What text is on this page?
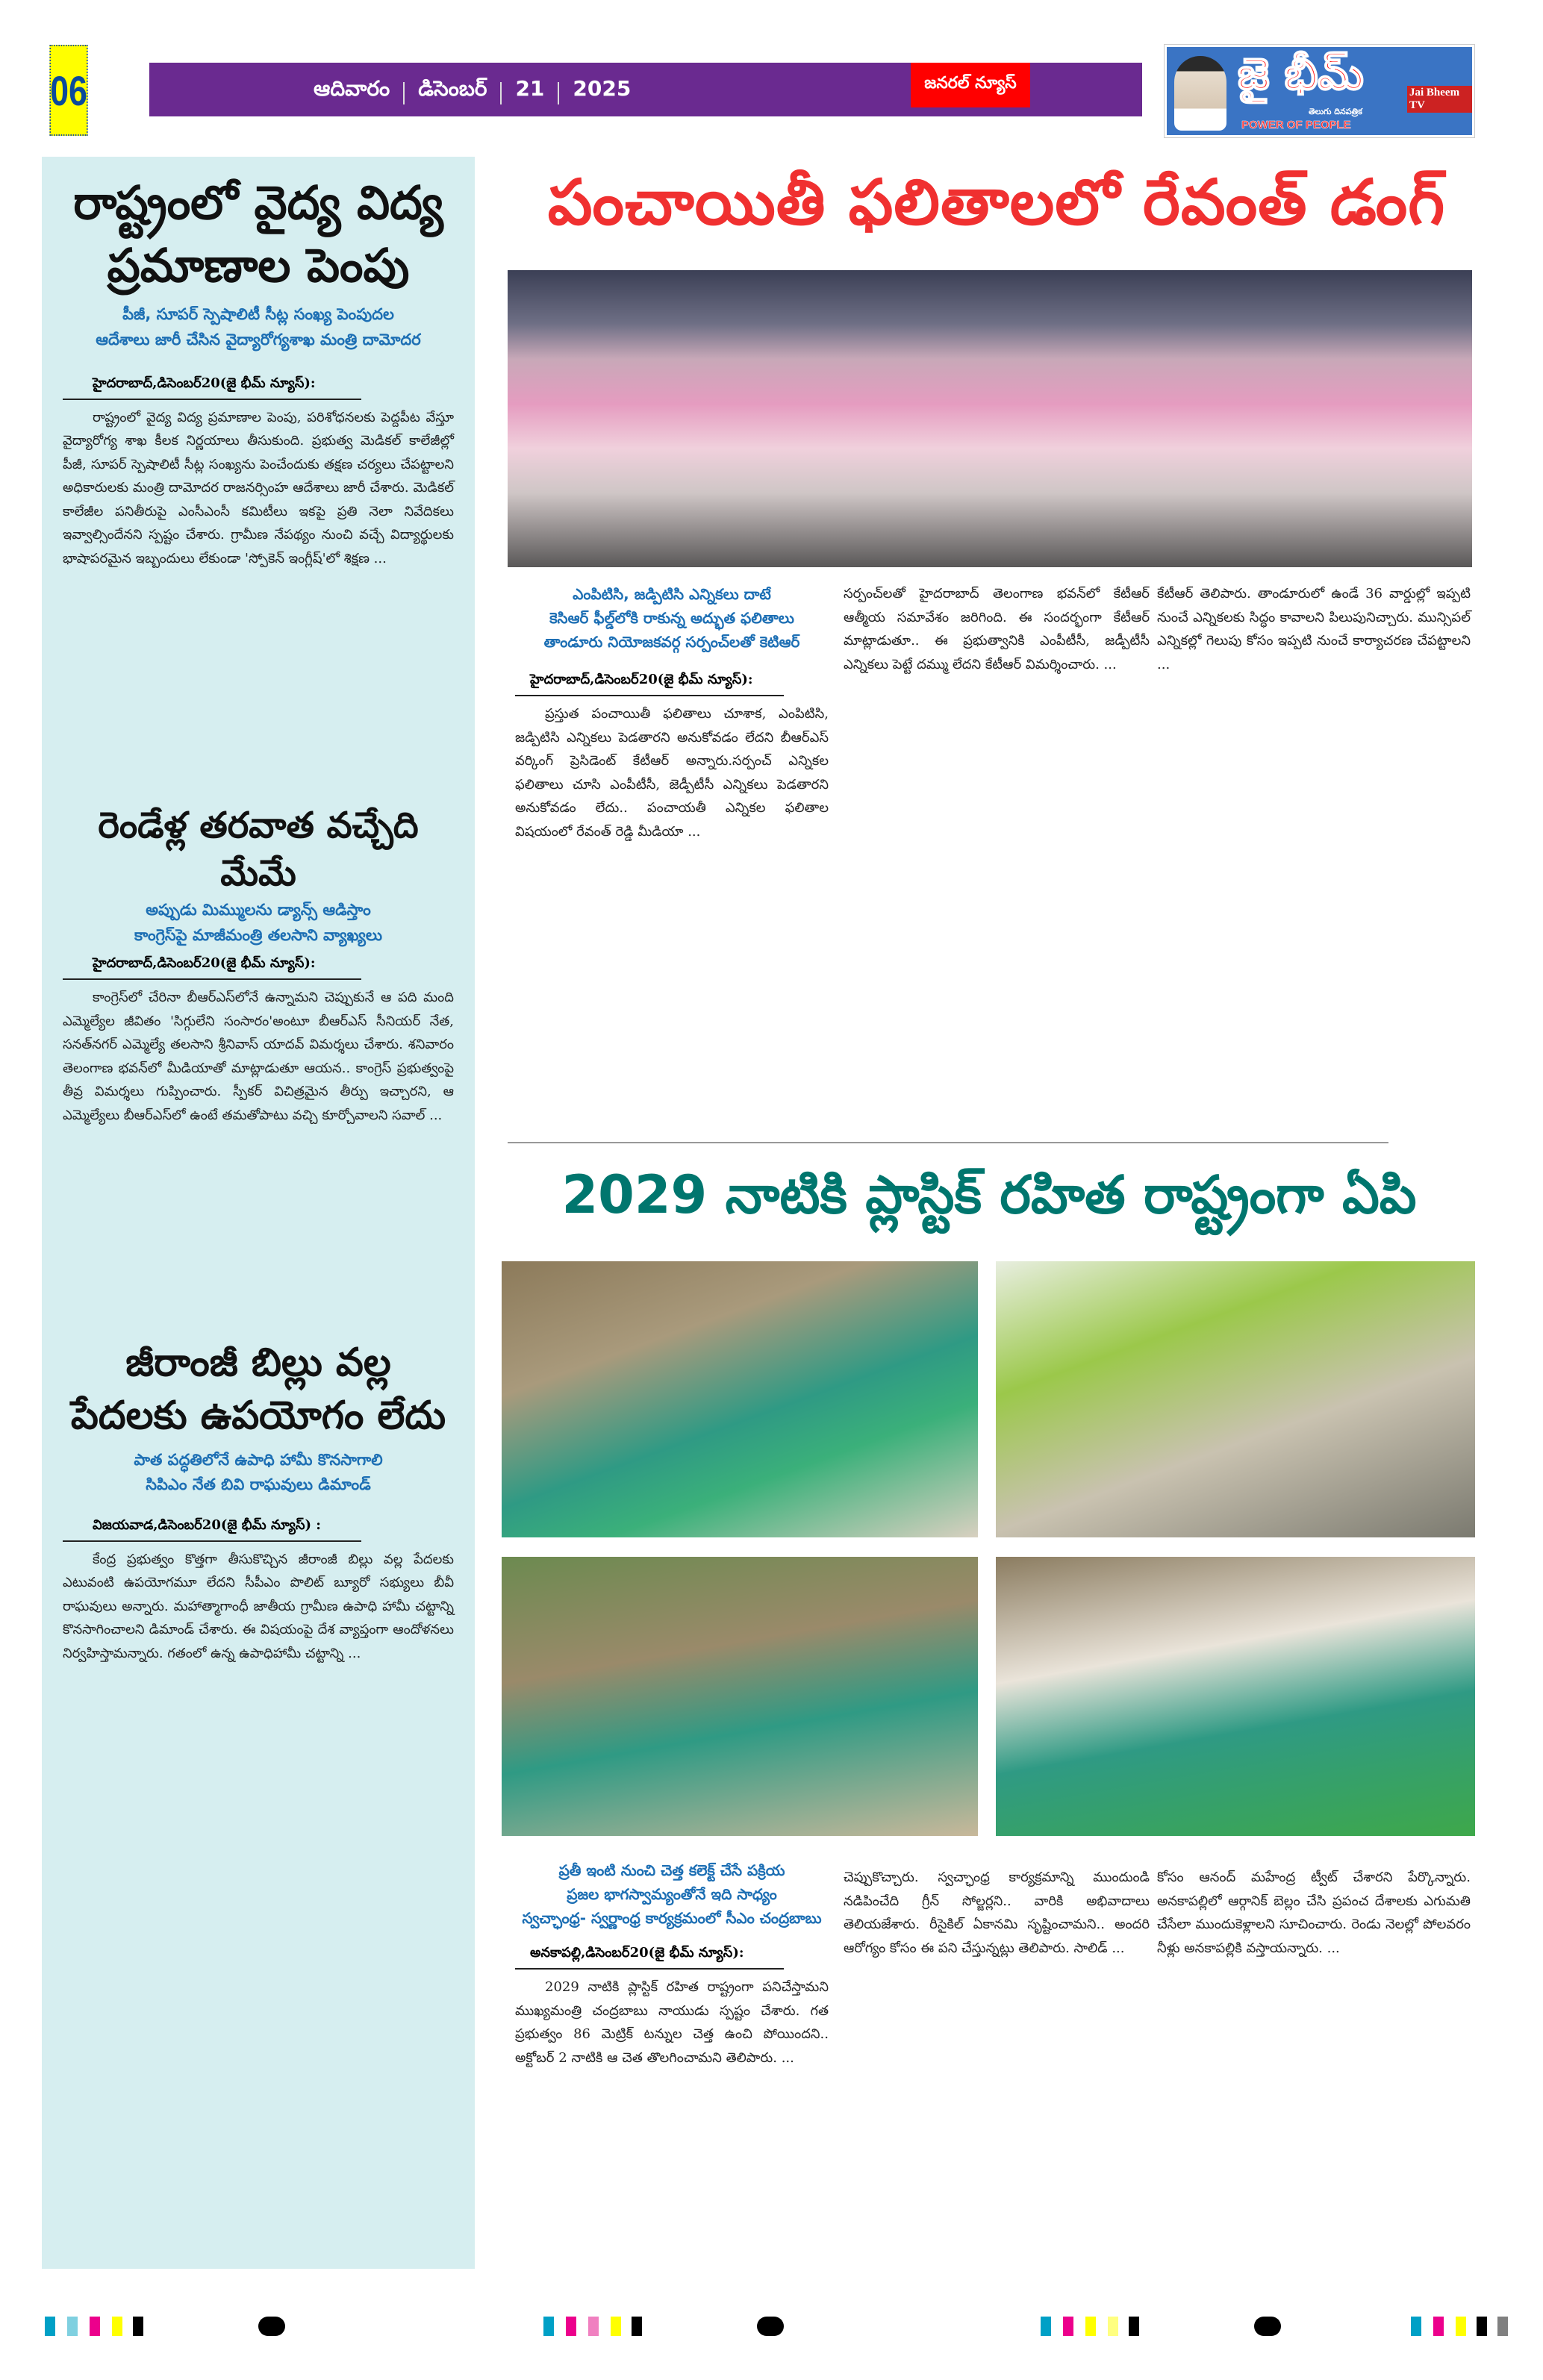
06	ఆదివారం డిసెంబర్ 21 2025	జనరల్ న్యూస్	జై భీమ్
తెలుగు దినపత్రిక
POWER OF PEOPLE
Jai Bheem TV
రాష్ట్రంలో వైద్య విద్య ప్రమాణాల పెంపు
పీజీ, సూపర్ స్పెషాలిటీ సీట్ల సంఖ్య పెంపుదల
ఆదేశాలు జారీ చేసిన వైద్యారోగ్యశాఖ మంత్రి దామోదర
హైదరాబాద్,డిసెంబర్20(జై భీమ్ న్యూస్):
రాష్ట్రంలో వైద్య విద్య ప్రమాణాల పెంపు, పరిశోధనలకు పెద్దపీట వేస్తూ వైద్యారోగ్య శాఖ కీలక నిర్ణయాలు తీసుకుంది. ప్రభుత్వ మెడికల్ కాలేజీల్లో పీజీ, సూపర్ స్పెషాలిటీ సీట్ల సంఖ్యను పెంచేందుకు తక్షణ చర్యలు చేపట్టాలని అధికారులకు మంత్రి దామోదర రాజనర్సింహ ఆదేశాలు జారీ చేశారు. మెడికల్ కాలేజీల పనితీరుపై ఎంసీఎంసీ కమిటీలు ఇకపై ప్రతి నెలా నివేదికలు ఇవ్వాల్సిందేనని స్పష్టం చేశారు. గ్రామీణ నేపథ్యం నుంచి వచ్చే విద్యార్థులకు భాషాపరమైన ఇబ్బందులు లేకుండా 'స్పోకెన్ ఇంగ్లీష్'లో శిక్షణ ...
రెండేళ్ల తరవాత వచ్చేది మేమే
అప్పుడు మిమ్ములను డ్యాన్స్ ఆడిస్తాం
కాంగ్రెస్‌పై మాజీమంత్రి తలసాని వ్యాఖ్యలు
హైదరాబాద్,డిసెంబర్20(జై భీమ్ న్యూస్):
కాంగ్రెస్‌లో చేరినా బీఆర్ఎస్‌లోనే ఉన్నామని చెప్పుకునే ఆ పది మంది ఎమ్మెల్యేల జీవితం 'సిగ్గులేని సంసారం'అంటూ బీఆర్ఎస్ సీనియర్ నేత, సనత్‌నగర్ ఎమ్మెల్యే తలసాని శ్రీనివాస్ యాదవ్ విమర్శలు చేశారు. శనివారం తెలంగాణ భవన్‌లో మీడియాతో మాట్లాడుతూ ఆయన.. కాంగ్రెస్ ప్రభుత్వంపై తీవ్ర విమర్శలు గుప్పించారు. స్పీకర్ విచిత్రమైన తీర్పు ఇచ్చారని, ఆ ఎమ్మెల్యేలు బీఆర్ఎస్‌లో ఉంటే తమతోపాటు వచ్చి కూర్చోవాలని సవాల్ ...
జీరాంజీ బిల్లు వల్ల పేదలకు ఉపయోగం లేదు
పాత పద్ధతిలోనే ఉపాధి హామీ కొనసాగాలి
సిపిఎం నేత బివి రాఘవులు డిమాండ్
విజయవాడ,డిసెంబర్20(జై భీమ్ న్యూస్) :
కేంద్ర ప్రభుత్వం కొత్తగా తీసుకొచ్చిన జీరాంజీ బిల్లు వల్ల పేదలకు ఎటువంటి ఉపయోగమూ లేదని సీపీఎం పొలిట్ బ్యూరో సభ్యులు బీవీ రాఘవులు అన్నారు. మహాత్మాగాంధీ జాతీయ గ్రామీణ ఉపాధి హామీ చట్టాన్ని కొనసాగించాలని డిమాండ్ చేశారు. ఈ విషయంపై దేశ వ్యాప్తంగా ఆందోళనలు నిర్వహిస్తామన్నారు. గతంలో ఉన్న ఉపాధిహామీ చట్టాన్ని ...
పంచాయితీ ఫలితాలలో రేవంత్ డంగ్
ఎంపిటిసి, జడ్పిటిసి ఎన్నికలు దాటే
కెసిఆర్ ఫీల్డ్‌లోకి రాకున్న అద్భుత ఫలితాలు
తాండూరు నియోజకవర్గ సర్పంచ్‌లతో కెటిఆర్
హైదరాబాద్,డిసెంబర్20(జై భీమ్ న్యూస్):
ప్రస్తుత పంచాయితీ ఫలితాలు చూశాక, ఎంపిటిసి, జడ్పిటిసి ఎన్నికలు పెడతారని అనుకోవడం లేదని బీఆర్ఎస్ వర్కింగ్ ప్రెసిడెంట్ కేటీఆర్ అన్నారు.సర్పంచ్ ఎన్నికల ఫలితాలు చూసి ఎంపీటీసీ, జెడ్పీటీసీ ఎన్నికలు పెడతారని అనుకోవడం లేదు.. పంచాయతీ ఎన్నికల ఫలితాల విషయంలో రేవంత్ రెడ్డి మీడియా ...
సర్పంచ్‌లతో హైదరాబాద్ తెలంగాణ భవన్‌లో కేటీఆర్ ఆత్మీయ సమావేశం జరిగింది. ఈ సందర్భంగా కేటీఆర్ మాట్లాడుతూ.. ఈ ప్రభుత్వానికి ఎంపీటీసీ, జడ్పీటీసీ ఎన్నికలు పెట్టే దమ్ము లేదని కేటీఆర్ విమర్శించారు. ...
కేటీఆర్ తెలిపారు. తాండూరులో ఉండే 36 వార్డుల్లో ఇప్పటి నుంచే ఎన్నికలకు సిద్ధం కావాలని పిలుపునిచ్చారు. మున్సిపల్ ఎన్నికల్లో గెలుపు కోసం ఇప్పటి నుంచే కార్యాచరణ చేపట్టాలని ...
2029 నాటికి ప్లాస్టిక్ రహిత రాష్ట్రంగా ఏపి
ప్రతీ ఇంటి నుంచి చెత్త కలెక్ట్ చేసే పక్రియ
ప్రజల భాగస్వామ్యంతోనే ఇది సాధ్యం
స్వచ్ఛాంధ్ర- స్వర్ణాంధ్ర కార్యక్రమంలో సీఎం చంద్రబాబు
అనకాపల్లి,డిసెంబర్20(జై భీమ్ న్యూస్):
2029 నాటికి ప్లాస్టిక్ రహిత రాష్ట్రంగా పనిచేస్తామని ముఖ్యమంత్రి చంద్రబాబు నాయుడు స్పష్టం చేశారు. గత ప్రభుత్వం 86 మెట్రిక్ టన్నుల చెత్త ఉంచి పోయిందని.. అక్టోబర్ 2 నాటికి ఆ చెత తొలగించామని తెలిపారు. ...
చెప్పుకొచ్చారు. స్వచ్ఛాంధ్ర కార్యక్రమాన్ని ముందుండి నడిపించేది గ్రీన్ సోల్జర్లని.. వారికి అభివాదాలు తెలియజేశారు. రీసైకిల్ ఏకానమి సృష్టించామని.. అందరి ఆరోగ్యం కోసం ఈ పని చేస్తున్నట్లు తెలిపారు. సాలిడ్ ...
కోసం ఆనంద్ మహేంద్ర ట్వీట్ చేశారని పేర్కొన్నారు. అనకాపల్లిలో ఆర్గానిక్ బెల్లం చేసి ప్రపంచ దేశాలకు ఎగుమతి చేసేలా ముందుకెళ్లాలని సూచించారు. రెండు నెలల్లో పోలవరం నీళ్లు అనకాపల్లికి వస్తాయన్నారు. ...
